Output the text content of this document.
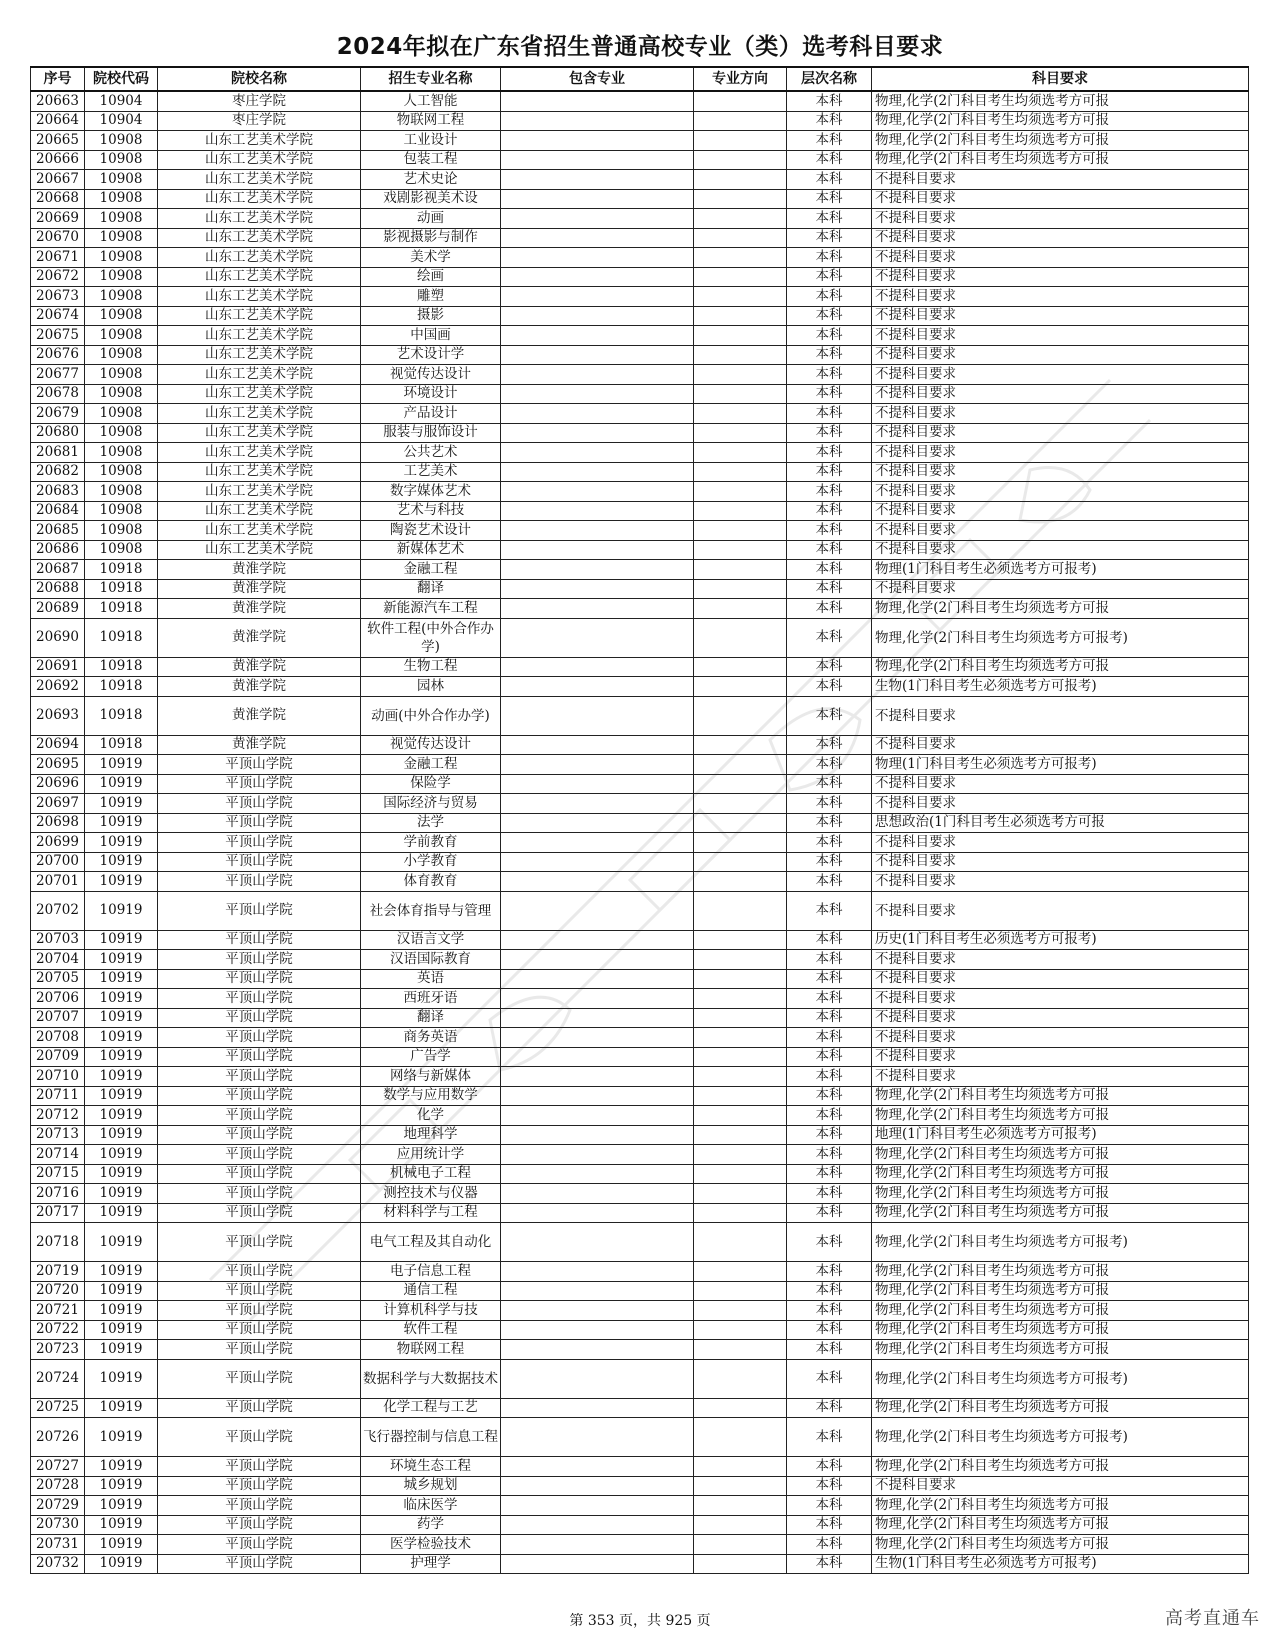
2024年拟在广东省招生普通高校专业（类）选考科目要求
序号	院校代码	院校名称	招生专业名称	包含专业	专业方向	层次名称	科目要求
20663	10904	枣庄学院	人工智能			本科	物理,化学(2门科目考生均须选考方可报
20664	10904	枣庄学院	物联网工程			本科	物理,化学(2门科目考生均须选考方可报
20665	10908	山东工艺美术学院	工业设计			本科	物理,化学(2门科目考生均须选考方可报
20666	10908	山东工艺美术学院	包装工程			本科	物理,化学(2门科目考生均须选考方可报
20667	10908	山东工艺美术学院	艺术史论			本科	不提科目要求
20668	10908	山东工艺美术学院	戏剧影视美术设			本科	不提科目要求
20669	10908	山东工艺美术学院	动画			本科	不提科目要求
20670	10908	山东工艺美术学院	影视摄影与制作			本科	不提科目要求
20671	10908	山东工艺美术学院	美术学			本科	不提科目要求
20672	10908	山东工艺美术学院	绘画			本科	不提科目要求
20673	10908	山东工艺美术学院	雕塑			本科	不提科目要求
20674	10908	山东工艺美术学院	摄影			本科	不提科目要求
20675	10908	山东工艺美术学院	中国画			本科	不提科目要求
20676	10908	山东工艺美术学院	艺术设计学			本科	不提科目要求
20677	10908	山东工艺美术学院	视觉传达设计			本科	不提科目要求
20678	10908	山东工艺美术学院	环境设计			本科	不提科目要求
20679	10908	山东工艺美术学院	产品设计			本科	不提科目要求
20680	10908	山东工艺美术学院	服装与服饰设计			本科	不提科目要求
20681	10908	山东工艺美术学院	公共艺术			本科	不提科目要求
20682	10908	山东工艺美术学院	工艺美术			本科	不提科目要求
20683	10908	山东工艺美术学院	数字媒体艺术			本科	不提科目要求
20684	10908	山东工艺美术学院	艺术与科技			本科	不提科目要求
20685	10908	山东工艺美术学院	陶瓷艺术设计			本科	不提科目要求
20686	10908	山东工艺美术学院	新媒体艺术			本科	不提科目要求
20687	10918	黄淮学院	金融工程			本科	物理(1门科目考生必须选考方可报考)
20688	10918	黄淮学院	翻译			本科	不提科目要求
20689	10918	黄淮学院	新能源汽车工程			本科	物理,化学(2门科目考生均须选考方可报
20690	10918	黄淮学院	软件工程(中外合作办学)			本科	物理,化学(2门科目考生均须选考方可报考)
20691	10918	黄淮学院	生物工程			本科	物理,化学(2门科目考生均须选考方可报
20692	10918	黄淮学院	园林			本科	生物(1门科目考生必须选考方可报考)
20693	10918	黄淮学院	动画(中外合作办学)			本科	不提科目要求
20694	10918	黄淮学院	视觉传达设计			本科	不提科目要求
20695	10919	平顶山学院	金融工程			本科	物理(1门科目考生必须选考方可报考)
20696	10919	平顶山学院	保险学			本科	不提科目要求
20697	10919	平顶山学院	国际经济与贸易			本科	不提科目要求
20698	10919	平顶山学院	法学			本科	思想政治(1门科目考生必须选考方可报
20699	10919	平顶山学院	学前教育			本科	不提科目要求
20700	10919	平顶山学院	小学教育			本科	不提科目要求
20701	10919	平顶山学院	体育教育			本科	不提科目要求
20702	10919	平顶山学院	社会体育指导与管理			本科	不提科目要求
20703	10919	平顶山学院	汉语言文学			本科	历史(1门科目考生必须选考方可报考)
20704	10919	平顶山学院	汉语国际教育			本科	不提科目要求
20705	10919	平顶山学院	英语			本科	不提科目要求
20706	10919	平顶山学院	西班牙语			本科	不提科目要求
20707	10919	平顶山学院	翻译			本科	不提科目要求
20708	10919	平顶山学院	商务英语			本科	不提科目要求
20709	10919	平顶山学院	广告学			本科	不提科目要求
20710	10919	平顶山学院	网络与新媒体			本科	不提科目要求
20711	10919	平顶山学院	数学与应用数学			本科	物理,化学(2门科目考生均须选考方可报
20712	10919	平顶山学院	化学			本科	物理,化学(2门科目考生均须选考方可报
20713	10919	平顶山学院	地理科学			本科	地理(1门科目考生必须选考方可报考)
20714	10919	平顶山学院	应用统计学			本科	物理,化学(2门科目考生均须选考方可报
20715	10919	平顶山学院	机械电子工程			本科	物理,化学(2门科目考生均须选考方可报
20716	10919	平顶山学院	测控技术与仪器			本科	物理,化学(2门科目考生均须选考方可报
20717	10919	平顶山学院	材料科学与工程			本科	物理,化学(2门科目考生均须选考方可报
20718	10919	平顶山学院	电气工程及其自动化			本科	物理,化学(2门科目考生均须选考方可报考)
20719	10919	平顶山学院	电子信息工程			本科	物理,化学(2门科目考生均须选考方可报
20720	10919	平顶山学院	通信工程			本科	物理,化学(2门科目考生均须选考方可报
20721	10919	平顶山学院	计算机科学与技			本科	物理,化学(2门科目考生均须选考方可报
20722	10919	平顶山学院	软件工程			本科	物理,化学(2门科目考生均须选考方可报
20723	10919	平顶山学院	物联网工程			本科	物理,化学(2门科目考生均须选考方可报
20724	10919	平顶山学院	数据科学与大数据技术			本科	物理,化学(2门科目考生均须选考方可报考)
20725	10919	平顶山学院	化学工程与工艺			本科	物理,化学(2门科目考生均须选考方可报
20726	10919	平顶山学院	飞行器控制与信息工程			本科	物理,化学(2门科目考生均须选考方可报考)
20727	10919	平顶山学院	环境生态工程			本科	物理,化学(2门科目考生均须选考方可报
20728	10919	平顶山学院	城乡规划			本科	不提科目要求
20729	10919	平顶山学院	临床医学			本科	物理,化学(2门科目考生均须选考方可报
20730	10919	平顶山学院	药学			本科	物理,化学(2门科目考生均须选考方可报
20731	10919	平顶山学院	医学检验技术			本科	物理,化学(2门科目考生均须选考方可报
20732	10919	平顶山学院	护理学			本科	生物(1门科目考生必须选考方可报考)
第 353 页，共 925 页	高考直通车
